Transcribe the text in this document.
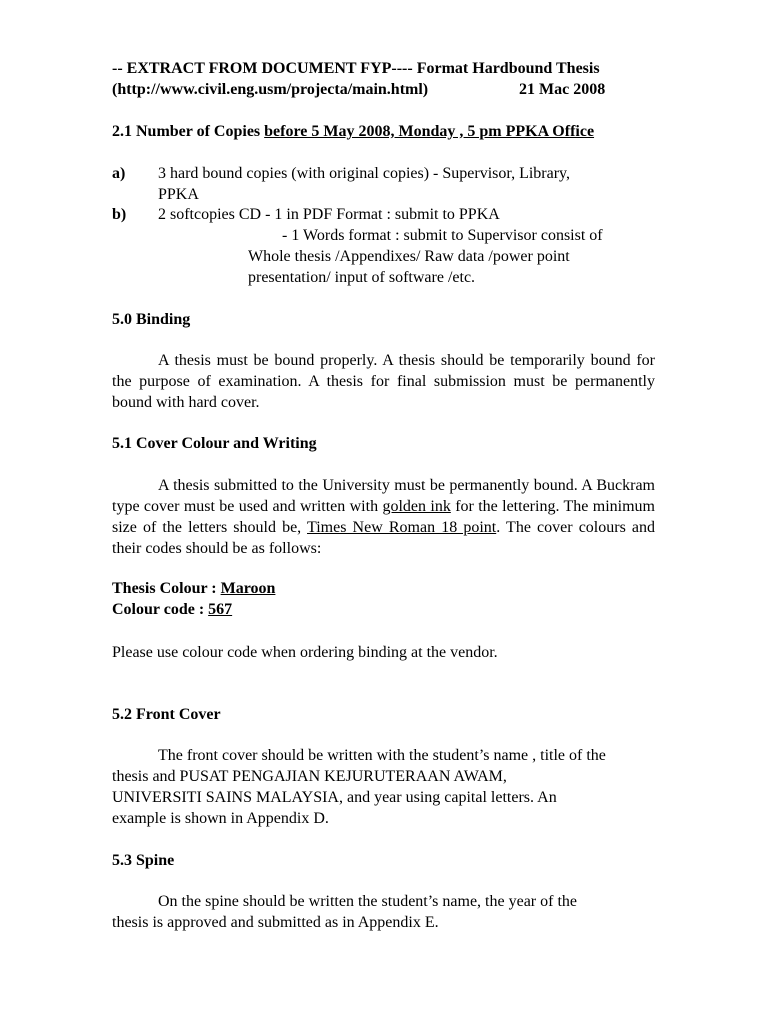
-- EXTRACT FROM DOCUMENT FYP---- Format Hardbound Thesis
(http://www.civil.eng.usm/projecta/main.html)	21 Mac 2008
2.1 Number of Copies before 5 May 2008, Monday , 5 pm PPKA Office
a) 3 hard bound copies (with original copies) - Supervisor, Library,
PPKA
b) 2 softcopies CD - 1 in PDF Format : submit to PPKA
- 1 Words format : submit to Supervisor consist of
Whole thesis /Appendixes/ Raw data /power point
presentation/ input of software /etc.
5.0 Binding
A thesis must be bound properly. A thesis should be temporarily bound for the purpose of examination. A thesis for final submission must be permanently bound with hard cover.
5.1 Cover Colour and Writing
A thesis submitted to the University must be permanently bound. A Buckram type cover must be used and written with golden ink for the lettering. The minimum size of the letters should be, Times New Roman 18 point. The cover colours and their codes should be as follows:
Thesis Colour : Maroon
Colour code : 567
Please use colour code when ordering binding at the vendor.
5.2 Front Cover
The front cover should be written with the student’s name , title of the
thesis and PUSAT PENGAJIAN KEJURUTERAAN AWAM,
UNIVERSITI SAINS MALAYSIA, and year using capital letters. An
example is shown in Appendix D.
5.3 Spine
On the spine should be written the student’s name, the year of the
thesis is approved and submitted as in Appendix E.
